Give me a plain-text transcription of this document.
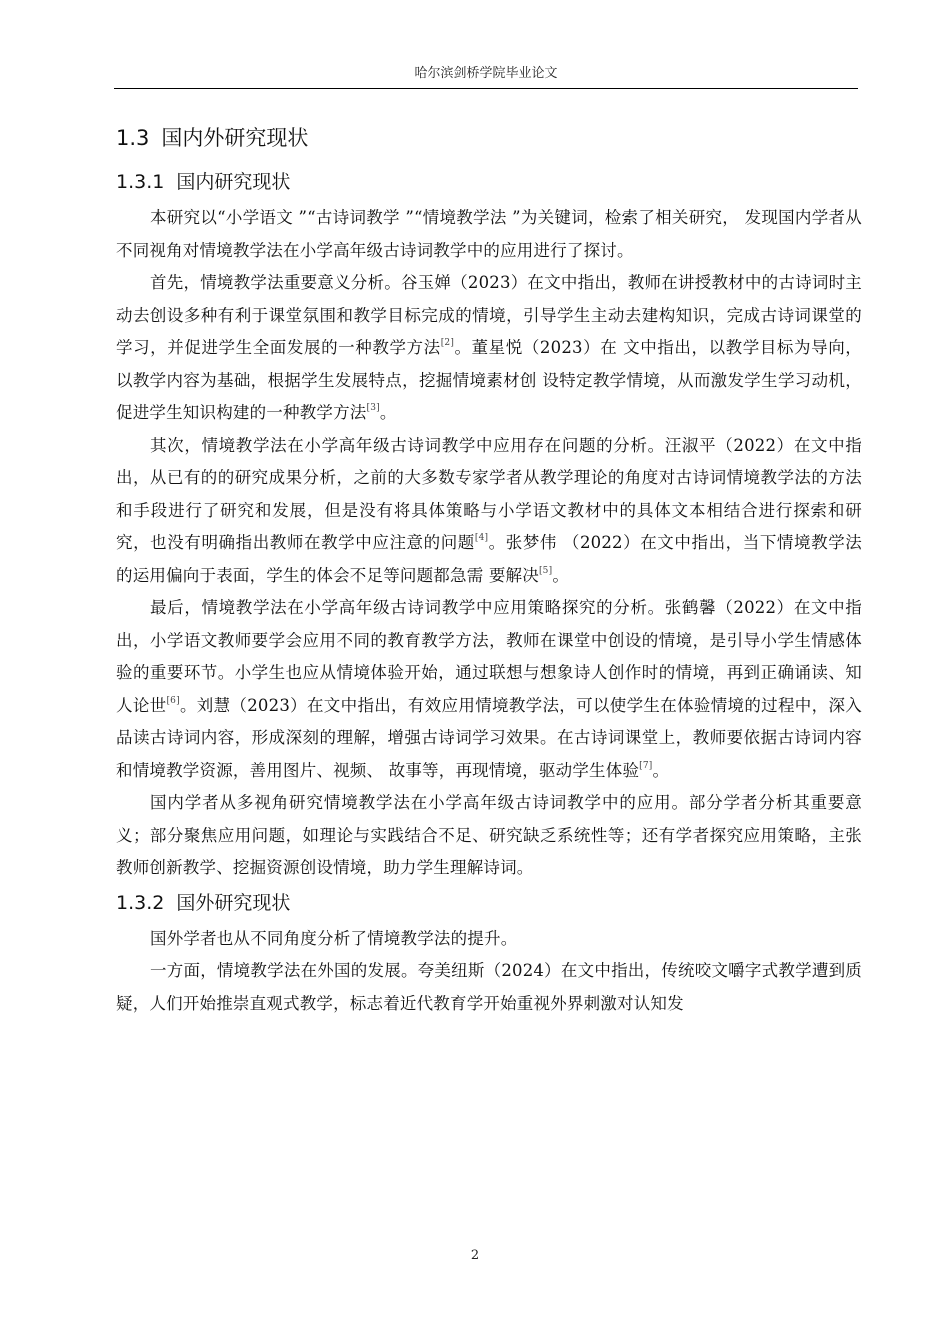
哈尔滨剑桥学院毕业论文
1.3 国内外研究现状
1.3.1 国内研究现状

本研究以“小学语文 ”“古诗词教学 ”“情境教学法 ”为关键词，检索了相关研究， 发现国内学者从不同视角对情境教学法在小学高年级古诗词教学中的应用进行了探讨。

首先，情境教学法重要意义分析。谷玉婵（2023）在文中指出，教师在讲授教材中的古诗词时主动去创设多种有利于课堂氛围和教学目标完成的情境，引导学生主动去建构知识，完成古诗词课堂的学习，并促进学生全面发展的一种教学方法[2]。董星悦（2023）在 文中指出，以教学目标为导向，以教学内容为基础，根据学生发展特点，挖掘情境素材创 设特定教学情境，从而激发学生学习动机，促进学生知识构建的一种教学方法[3]。

其次，情境教学法在小学高年级古诗词教学中应用存在问题的分析。汪淑平（2022）在文中指出，从已有的的研究成果分析，之前的大多数专家学者从教学理论的角度对古诗词情境教学法的方法和手段进行了研究和发展，但是没有将具体策略与小学语文教材中的具体文本相结合进行探索和研究，也没有明确指出教师在教学中应注意的问题[4]。张梦伟 （2022）在文中指出，当下情境教学法的运用偏向于表面，学生的体会不足等问题都急需 要解决[5]。

最后，情境教学法在小学高年级古诗词教学中应用策略探究的分析。张鹤馨（2022）在文中指出，小学语文教师要学会应用不同的教育教学方法，教师在课堂中创设的情境，是引导小学生情感体验的重要环节。小学生也应从情境体验开始，通过联想与想象诗人创作时的情境，再到正确诵读、知人论世[6]。刘慧（2023）在文中指出，有效应用情境教学法，可以使学生在体验情境的过程中，深入品读古诗词内容，形成深刻的理解，增强古诗词学习效果。在古诗词课堂上，教师要依据古诗词内容和情境教学资源，善用图片、视频、 故事等，再现情境，驱动学生体验[7]。

国内学者从多视角研究情境教学法在小学高年级古诗词教学中的应用。部分学者分析其重要意义；部分聚焦应用问题，如理论与实践结合不足、研究缺乏系统性等；还有学者探究应用策略，主张教师创新教学、挖掘资源创设情境，助力学生理解诗词。

1.3.2 国外研究现状

国外学者也从不同角度分析了情境教学法的提升。

一方面，情境教学法在外国的发展。夸美纽斯（2024）在文中指出，传统咬文嚼字式教学遭到质疑，人们开始推崇直观式教学，标志着近代教育学开始重视外界刺激对认知发

2
